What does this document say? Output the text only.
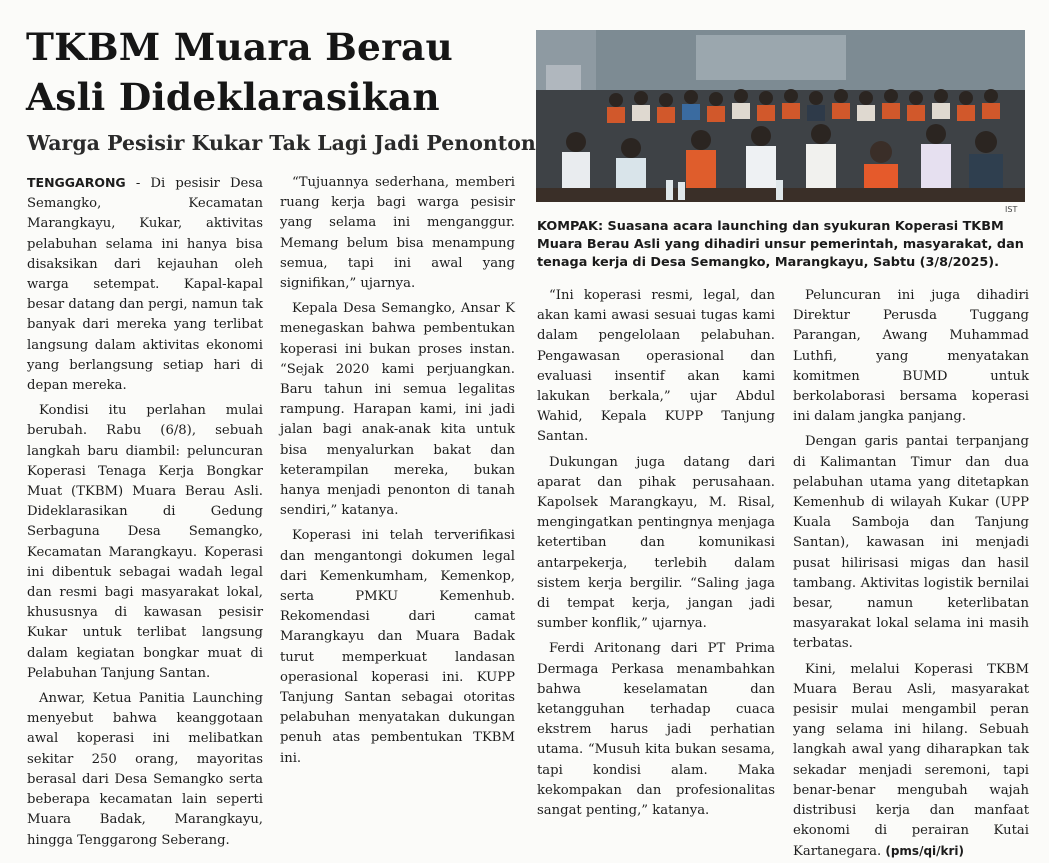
TKBM Muara Berau
Asli Dideklarasikan
Warga Pesisir Kukar Tak Lagi Jadi Penonton

IST

KOMPAK: Suasana acara launching dan syukuran Koperasi TKBM Muara Berau Asli yang dihadiri unsur pemerintah, masyarakat, dan tenaga kerja di Desa Semangko, Marangkayu, Sabtu (3/8/2025).

TENGGARONG - Di pesisir Desa Semangko, Kecamatan Marangkayu, Kukar, aktivitas pelabuhan selama ini hanya bisa disaksikan dari kejauhan oleh warga setempat. Kapal-kapal besar datang dan pergi, namun tak banyak dari mereka yang terlibat langsung dalam aktivitas ekonomi yang berlangsung setiap hari di depan mereka.

Kondisi itu perlahan mulai berubah. Rabu (6/8), sebuah langkah baru diambil: peluncuran Koperasi Tenaga Kerja Bongkar Muat (TKBM) Muara Berau Asli. Dideklarasikan di Gedung Serbaguna Desa Semangko, Kecamatan Marangkayu. Koperasi ini dibentuk sebagai wadah legal dan resmi bagi masyarakat lokal, khususnya di kawasan pesisir Kukar untuk terlibat langsung dalam kegiatan bongkar muat di Pelabuhan Tanjung Santan.

Anwar, Ketua Panitia Launching menyebut bahwa keanggotaan awal koperasi ini melibatkan sekitar 250 orang, mayoritas berasal dari Desa Semangko serta beberapa kecamatan lain seperti Muara Badak, Marangkayu, hingga Tenggarong Seberang.

“Tujuannya sederhana, memberi ruang kerja bagi warga pesisir yang selama ini menganggur. Memang belum bisa menampung semua, tapi ini awal yang signifikan,” ujarnya.

Kepala Desa Semangko, Ansar K menegaskan bahwa pembentukan koperasi ini bukan proses instan. “Sejak 2020 kami perjuangkan. Baru tahun ini semua legalitas rampung. Harapan kami, ini jadi jalan bagi anak-anak kita untuk bisa menyalurkan bakat dan keterampilan mereka, bukan hanya menjadi penonton di tanah sendiri,” katanya.

Koperasi ini telah terverifikasi dan mengantongi dokumen legal dari Kemenkumham, Kemenkop, serta PMKU Kemenhub. Rekomendasi dari camat Marangkayu dan Muara Badak turut memperkuat landasan operasional koperasi ini. KUPP Tanjung Santan sebagai otoritas pelabuhan menyatakan dukungan penuh atas pembentukan TKBM ini.

“Ini koperasi resmi, legal, dan akan kami awasi sesuai tugas kami dalam pengelolaan pelabuhan. Pengawasan operasional dan evaluasi insentif akan kami lakukan berkala,” ujar Abdul Wahid, Kepala KUPP Tanjung Santan.

Dukungan juga datang dari aparat dan pihak perusahaan. Kapolsek Marangkayu, M. Risal, mengingatkan pentingnya menjaga ketertiban dan komunikasi antarpekerja, terlebih dalam sistem kerja bergilir. “Saling jaga di tempat kerja, jangan jadi sumber konflik,” ujarnya.

Ferdi Aritonang dari PT Prima Dermaga Perkasa menambahkan bahwa keselamatan dan ketangguhan terhadap cuaca ekstrem harus jadi perhatian utama. “Musuh kita bukan sesama, tapi kondisi alam. Maka kekompakan dan profesionalitas sangat penting,” katanya.

Peluncuran ini juga dihadiri Direktur Perusda Tuggang Parangan, Awang Muhammad Luthfi, yang menyatakan komitmen BUMD untuk berkolaborasi bersama koperasi ini dalam jangka panjang.

Dengan garis pantai terpanjang di Kalimantan Timur dan dua pelabuhan utama yang ditetapkan Kemenhub di wilayah Kukar (UPP Kuala Samboja dan Tanjung Santan), kawasan ini menjadi pusat hilirisasi migas dan hasil tambang. Aktivitas logistik bernilai besar, namun keterlibatan masyarakat lokal selama ini masih terbatas.

Kini, melalui Koperasi TKBM Muara Berau Asli, masyarakat pesisir mulai mengambil peran yang selama ini hilang. Sebuah langkah awal yang diharapkan tak sekadar menjadi seremoni, tapi benar-benar mengubah wajah distribusi kerja dan manfaat ekonomi di perairan Kutai Kartanegara. (pms/qi/kri)
